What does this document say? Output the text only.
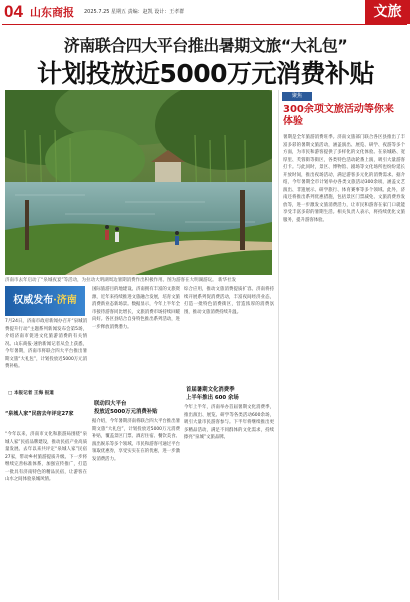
04 山东商报 2025.7.25 星期五 责编：赵凯 设计：王孝群	文旅
济南联合四大平台推出暑期文旅“大礼包”
计划投放近5000万元消费补贴
济南市去年启动了“泉城夜宴”等活动，为拉动大明湖周边暑期消费作出积极作用。图为游客在大明湖游玩。 新华社发
聚焦
300余项文旅活动等你来体验
暑期是全年旅游消费旺季。济南文旅部门联合各区县推出了丰富多彩的暑期文旅活动，涵盖演出、展览、研学、夜游等多个方面，为市民和游客提供了多样化的文化体验。在泉城路、宽厚里、芙蓉街等街区，各类特色活动轮番上演，吸引大量游客打卡。与此同时，景区、博物馆、剧场等文化场所也纷纷延长开放时间，推出夜场活动，满足游客多元化的消费需求。据介绍，今年暑期全市计划举办各类文旅活动300余项，涵盖文艺演出、非遗展示、研学旅行、体育赛事等多个领域。此外，济南还将推出系列优惠措施，包括景区门票减免、文旅消费券发放等，进一步激发文旅消费活力，让市民和游客在家门口就能享受丰富多彩的暑期生活。相关负责人表示，将持续优化文旅服务，提升游客体验。
权威发布·济南
7月24日，济南市政府新闻办召开“泉城消费提升行动”主题系列新闻发布会第5场，介绍济南市促进文化旅游消费的有关情况。山东商报·速豹新闻记者从会上获悉，今年暑期，济南市将联合四大平台推出暑期文旅“大礼包”，计划投放近5000万元消费补贴。
□ 本报记者 王海 报道
“泉城人家”民宿去年评定27家
“今年以来，济南市文化和旅游局围绕“泉城人家”民宿品牌建设，推动民宿产业高质量发展。去年以来共评定“泉城人家”民宿27家，带动乡村旅游提质升级。下一步将继续完善标准体系，加强宣传推广，打造一批具有济南特色的精品民宿，让游客在山水之间体验泉城风情。
国际旅游目的地建设。济南拥有丰富的文旅资源，近年来持续推进文旅融合发展，培育文旅消费新业态新场景。数据显示，今年上半年全市接待游客同比增长，文旅消费市场持续回暖向好。各区县结合自身特色推出系列活动，进一步释放消费潜力。
联动四大平台
投放近5000万元消费补贴
据介绍，今年暑期济南将联合四大平台推出暑期文旅“大礼包”，计划投放近5000万元消费补贴，覆盖景区门票、酒店住宿、餐饮美食、演出娱乐等多个领域。市民和游客可通过平台领取优惠券，享受实实在在的优惠，进一步激发消费活力。
综合应用，推动文旅消费提质扩容。济南将持续开展系列促消费活动，丰富夜间经济业态，打造一批特色消费街区，营造浓厚的消费氛围，推动文旅消费持续升温。
首届暑期文化消费季
上半年推出 600 余场
今年上半年，济南举办首届暑期文化消费季，推出演出、展览、研学等各类活动600余场，吸引大量市民游客参与。下半年将继续推出更多精品活动，满足不同群体的文化需求，持续擦亮“泉城”文旅品牌。
